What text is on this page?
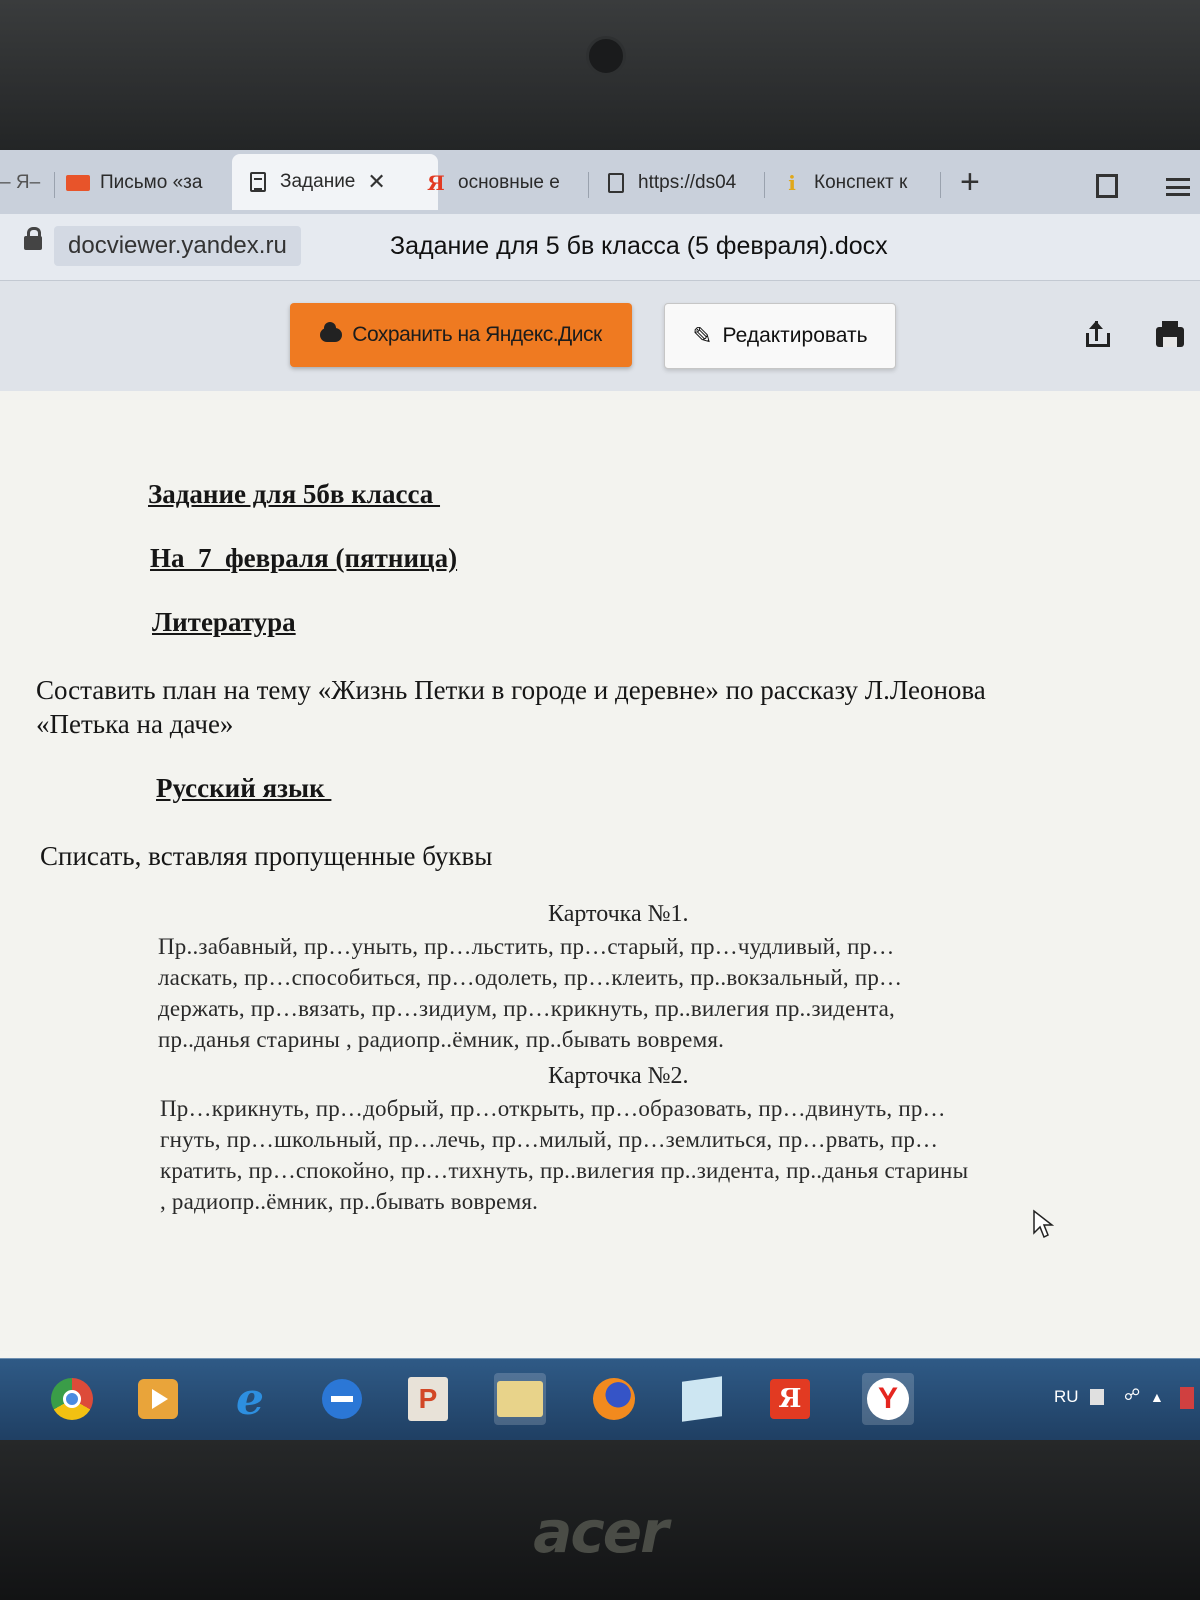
– Я–	Письмо «за	Задание ✕ Я основные е	https://ds04	i Конспект к +
docviewer.yandex.ru	Задание для 5 бв класса (5 февраля).docx
Сохранить на Яндекс.Диск	✎ Редактировать
Задание для 5бв класса
На  7  февраля (пятница)
Литература
Составить план на тему «Жизнь Петки в городе и деревне» по рассказу Л.Леонова
«Петька на даче»
Русский язык
Списать, вставляя пропущенные буквы
Карточка №1.
Пр..забавный, пр…уныть, пр…льстить, пр…старый, пр…чудливый, пр…
ласкать, пр…способиться, пр…одолеть, пр…клеить, пр..вокзальный, пр…
держать, пр…вязать, пр…зидиум, пр…крикнуть, пр..вилегия пр..зидента,
пр..данья старины , радиопр..ёмник, пр..бывать вовремя.
Карточка №2.
Пр…крикнуть, пр…добрый, пр…открыть, пр…образовать, пр…двинуть, пр…
гнуть, пр…школьный, пр…лечь, пр…милый, пр…землиться, пр…рвать, пр…
кратить, пр…спокойно, пр…тихнуть, пр..вилегия пр..зидента, пр..данья старины
, радиопр..ёмник, пр..бывать вовремя.
e	P	Я	Y	RU	☍ ▲
acer
